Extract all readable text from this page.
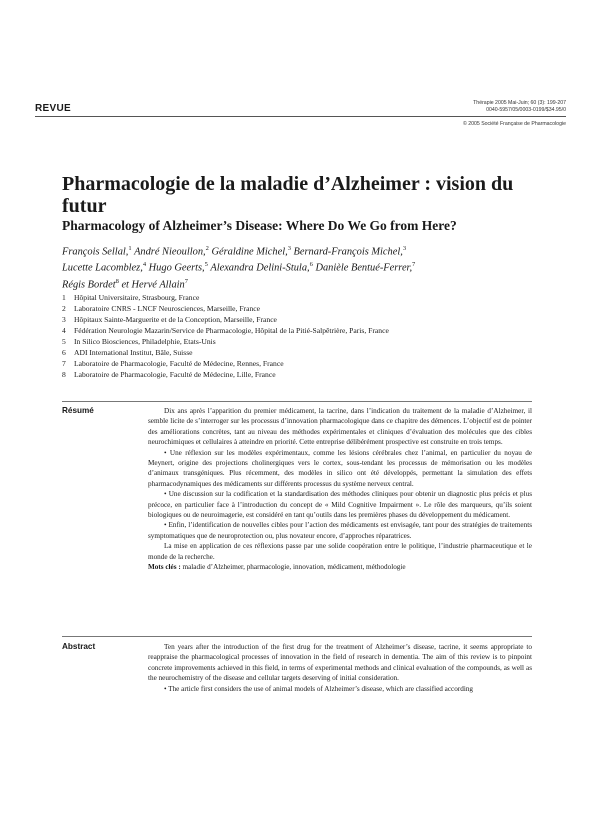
REVUE	Thérapie 2005 Mai-Juin; 60 (3): 199-207
0040-5957/05/0003-0199/$34.95/0
© 2005 Société Française de Pharmacologie
Pharmacologie de la maladie d’Alzheimer : vision du futur
Pharmacology of Alzheimer’s Disease: Where Do We Go from Here?
François Sellal,$^1$ André Nieoullon,$^2$ Géraldine Michel,$^3$ Bernard-François Michel,$^3$
Lucette Lacomblez,$^4$ Hugo Geerts,$^5$ Alexandra Delini-Stula,$^6$ Danièle Bentué-Ferrer,$^7$
Régis Bordet$^8$ et Hervé Allain$^7$
1 Hôpital Universitaire, Strasbourg, France
2 Laboratoire CNRS - LNCF Neurosciences, Marseille, France
3 Hôpitaux Sainte-Marguerite et de la Conception, Marseille, France
4 Fédération Neurologie Mazarin/Service de Pharmacologie, Hôpital de la Pitié-Salpêtrière, Paris, France
5 In Silico Biosciences, Philadelphie, Etats-Unis
6 ADI International Institut, Bâle, Suisse
7 Laboratoire de Pharmacologie, Faculté de Médecine, Rennes, France
8 Laboratoire de Pharmacologie, Faculté de Médecine, Lille, France
Résumé	Dix ans après l’apparition du premier médicament, la tacrine, dans l’indication du traitement de la maladie d’Alzheimer, il semble licite de s’interroger sur les processus d’innovation pharmacologique dans ce chapitre des démences. L’objectif est de pointer des améliorations concrètes, tant au niveau des méthodes expérimentales et cliniques d’évaluation des molécules que des cibles neurochimiques et cellulaires à atteindre en priorité. Cette entreprise délibérément prospective est construite en trois temps.

• Une réflexion sur les modèles expérimentaux, comme les lésions cérébrales chez l’animal, en particulier du noyau de Meynert, origine des projections cholinergiques vers le cortex, sous-tendant les processus de mémorisation ou les modèles d’animaux transgéniques. Plus récemment, des modèles in silico ont été développés, permettant la simulation des effets pharmacodynamiques des médicaments sur différents processus du système nerveux central.

• Une discussion sur la codification et la standardisation des méthodes cliniques pour obtenir un diagnostic plus précis et plus précoce, en particulier face à l’introduction du concept de « Mild Cognitive Impairment ». Le rôle des marqueurs, qu’ils soient biologiques ou de neuroimagerie, est considéré en tant qu’outils dans les premières phases du développement du médicament.

• Enfin, l’identification de nouvelles cibles pour l’action des médicaments est envisagée, tant pour des stratégies de traitements symptomatiques que de neuroprotection ou, plus novateur encore, d’approches réparatrices.

La mise en application de ces réflexions passe par une solide coopération entre le politique, l’industrie pharmaceutique et le monde de la recherche.

Mots clés : maladie d’Alzheimer, pharmacologie, innovation, médicament, méthodologie
Abstract	Ten years after the introduction of the first drug for the treatment of Alzheimer’s disease, tacrine, it seems appropriate to reappraise the pharmacological processes of innovation in the field of research in dementia. The aim of this review is to pinpoint concrete improvements achieved in this field, in terms of experimental methods and clinical evaluation of the compounds, as well as the neurochemistry of the disease and cellular targets deserving of initial consideration.

• The article first considers the use of animal models of Alzheimer’s disease, which are classified according
